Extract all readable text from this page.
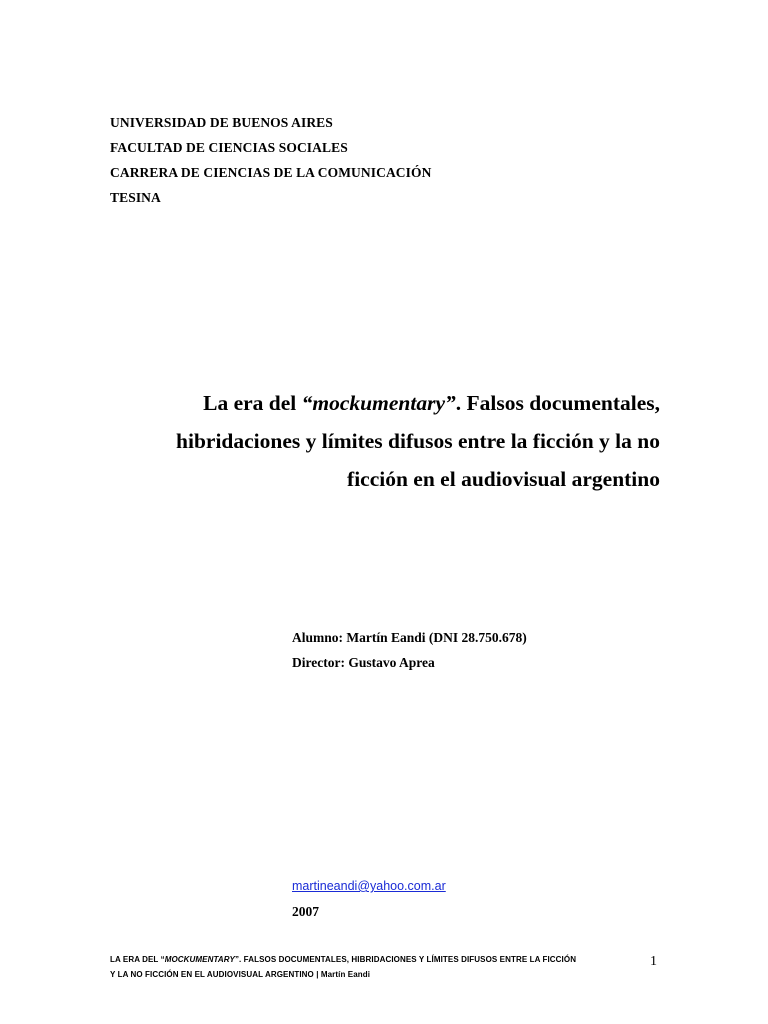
UNIVERSIDAD DE BUENOS AIRES
FACULTAD DE CIENCIAS SOCIALES
CARRERA DE CIENCIAS DE LA COMUNICACIÓN
TESINA
La era del “mockumentary”. Falsos documentales,
hibridaciones y límites difusos entre la ficción y la no
ficción en el audiovisual argentino
Alumno: Martín Eandi (DNI 28.750.678)
Director: Gustavo Aprea
martineandi@yahoo.com.ar
2007
LA ERA DEL “MOCKUMENTARY”. FALSOS DOCUMENTALES, HIBRIDACIONES Y LÍMITES DIFUSOS ENTRE LA FICCIÓN
Y LA NO FICCIÓN EN EL AUDIOVISUAL ARGENTINO | Martín Eandi
1
